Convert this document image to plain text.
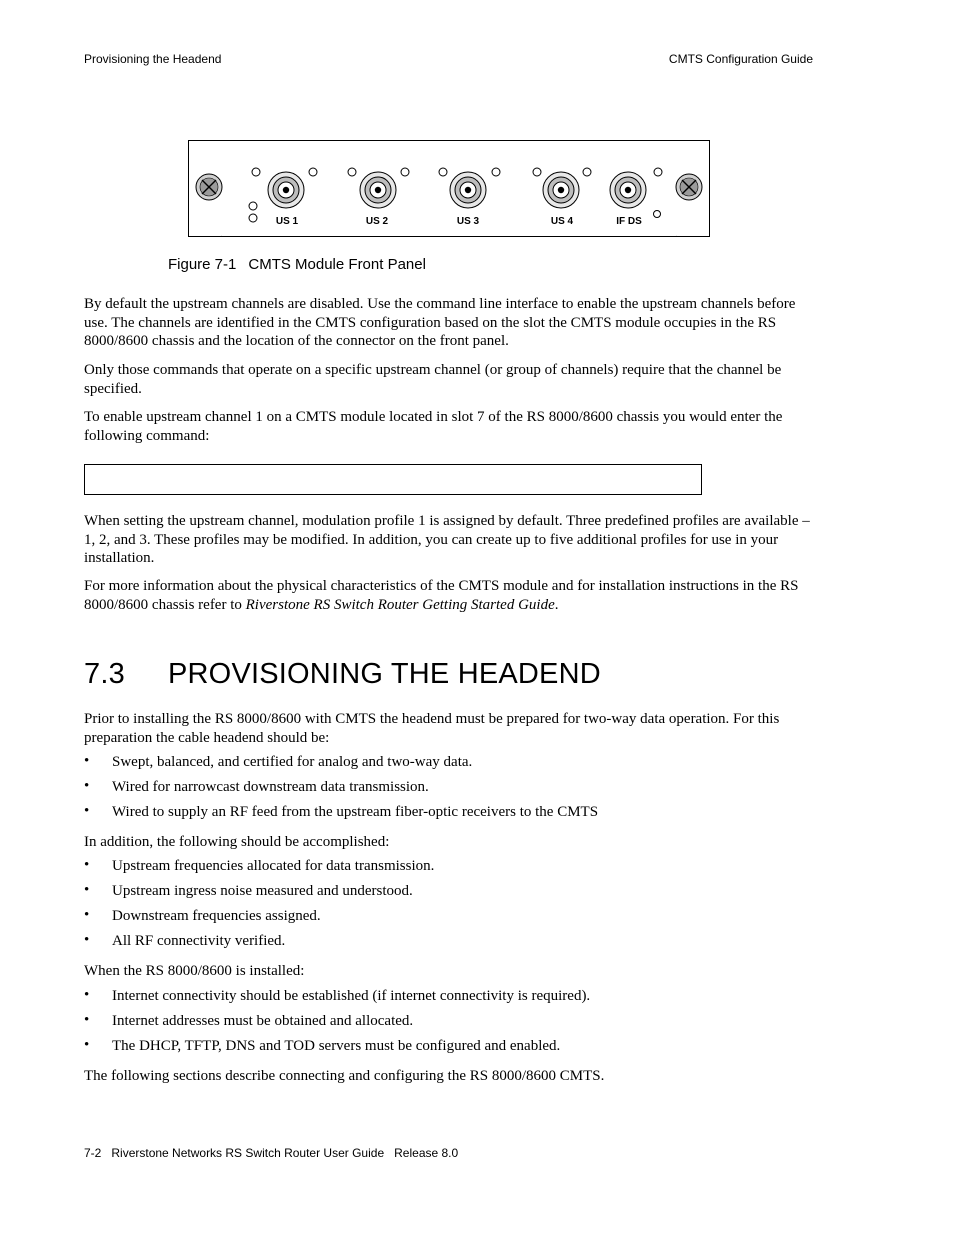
Provisioning the Headend	CMTS Configuration Guide
US 1	US 2	US 3	US 4	IF DS
Figure 7-1 CMTS Module Front Panel

By default the upstream channels are disabled. Use the command line interface to enable the upstream channels before use. The channels are identified in the CMTS configuration based on the slot the CMTS module occupies in the RS 8000/8600 chassis and the location of the connector on the front panel.

Only those commands that operate on a specific upstream channel (or group of channels) require that the channel be specified.

To enable upstream channel 1 on a CMTS module located in slot 7 of the RS 8000/8600 chassis you would enter the following command:

When setting the upstream channel, modulation profile 1 is assigned by default. Three predefined profiles are available – 1, 2, and 3. These profiles may be modified. In addition, you can create up to five additional profiles for use in your installation.

For more information about the physical characteristics of the CMTS module and for installation instructions in the RS 8000/8600 chassis refer to Riverstone RS Switch Router Getting Started Guide.

7.3 PROVISIONING THE HEADEND

Prior to installing the RS 8000/8600 with CMTS the headend must be prepared for two-way data operation. For this preparation the cable headend should be:

• Swept, balanced, and certified for analog and two-way data.
• Wired for narrowcast downstream data transmission.
• Wired to supply an RF feed from the upstream fiber-optic receivers to the CMTS

In addition, the following should be accomplished:

• Upstream frequencies allocated for data transmission.
• Upstream ingress noise measured and understood.
• Downstream frequencies assigned.
• All RF connectivity verified.

When the RS 8000/8600 is installed:

• Internet connectivity should be established (if internet connectivity is required).
• Internet addresses must be obtained and allocated.
• The DHCP, TFTP, DNS and TOD servers must be configured and enabled.

The following sections describe connecting and configuring the RS 8000/8600 CMTS.

7-2 Riverstone Networks RS Switch Router User Guide Release 8.0
